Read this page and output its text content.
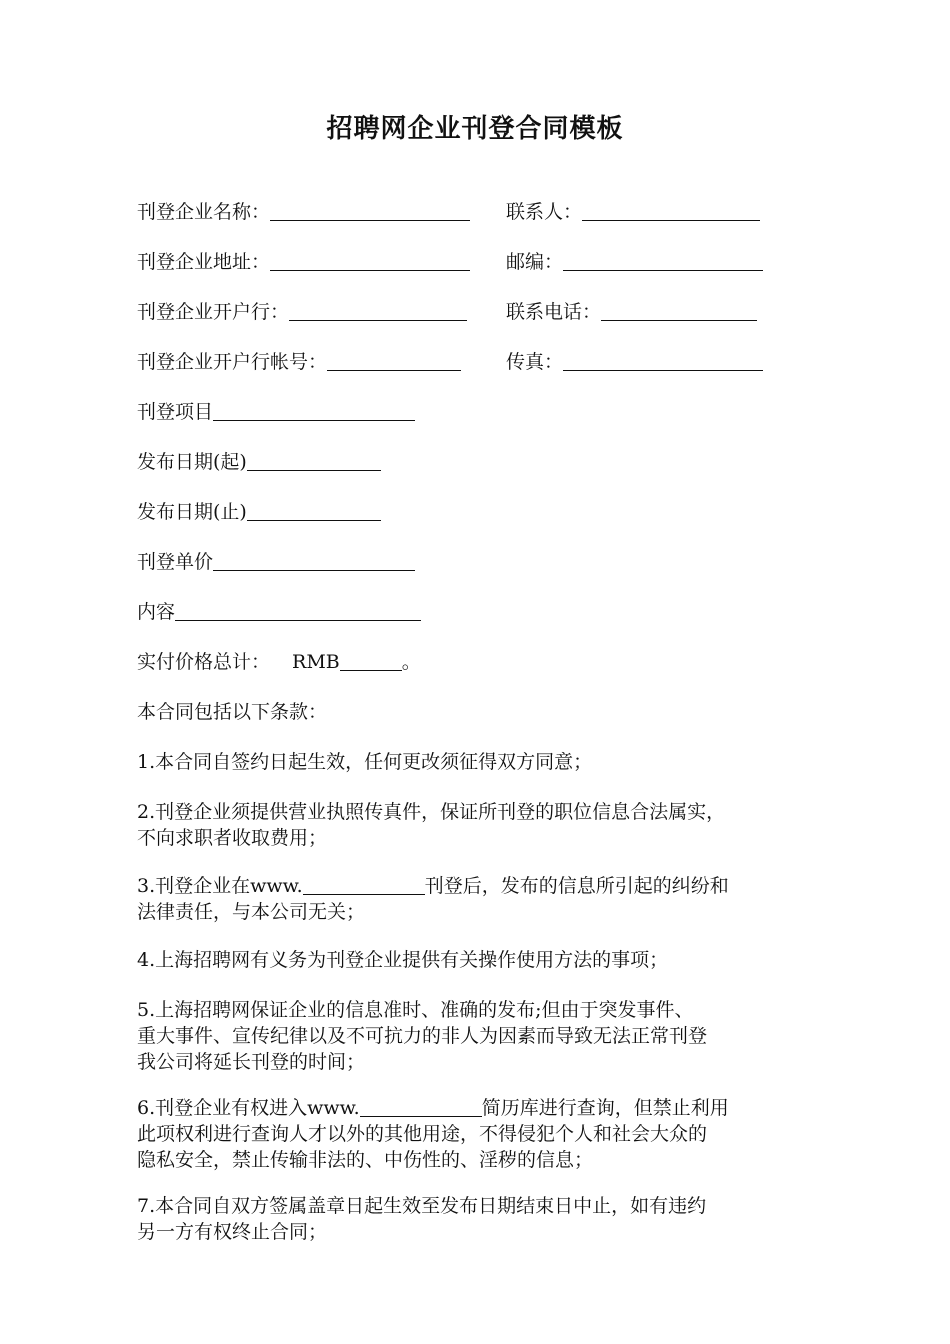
招聘网企业刊登合同模板
刊登企业名称：	联系人：
刊登企业地址：	邮编：
刊登企业开户行：	联系电话：
刊登企业开户行帐号：	传真：
刊登项目
发布日期(起)
发布日期(止)
刊登单价
内容
实付价格总计： RMB	。
本合同包括以下条款：
1.本合同自签约日起生效，任何更改须征得双方同意；
2.刊登企业须提供营业执照传真件，保证所刊登的职位信息合法属实，
不向求职者收取费用；
3.刊登企业在www.	刊登后，发布的信息所引起的纠纷和
法律责任，与本公司无关；
4.上海招聘网有义务为刊登企业提供有关操作使用方法的事项；
5.上海招聘网保证企业的信息准时、准确的发布;但由于突发事件、
重大事件、宣传纪律以及不可抗力的非人为因素而导致无法正常刊登
我公司将延长刊登的时间；
6.刊登企业有权进入www.	简历库进行查询，但禁止利用
此项权利进行查询人才以外的其他用途，不得侵犯个人和社会大众的
隐私安全，禁止传输非法的、中伤性的、淫秽的信息；
7.本合同自双方签属盖章日起生效至发布日期结束日中止，如有违约
另一方有权终止合同；
